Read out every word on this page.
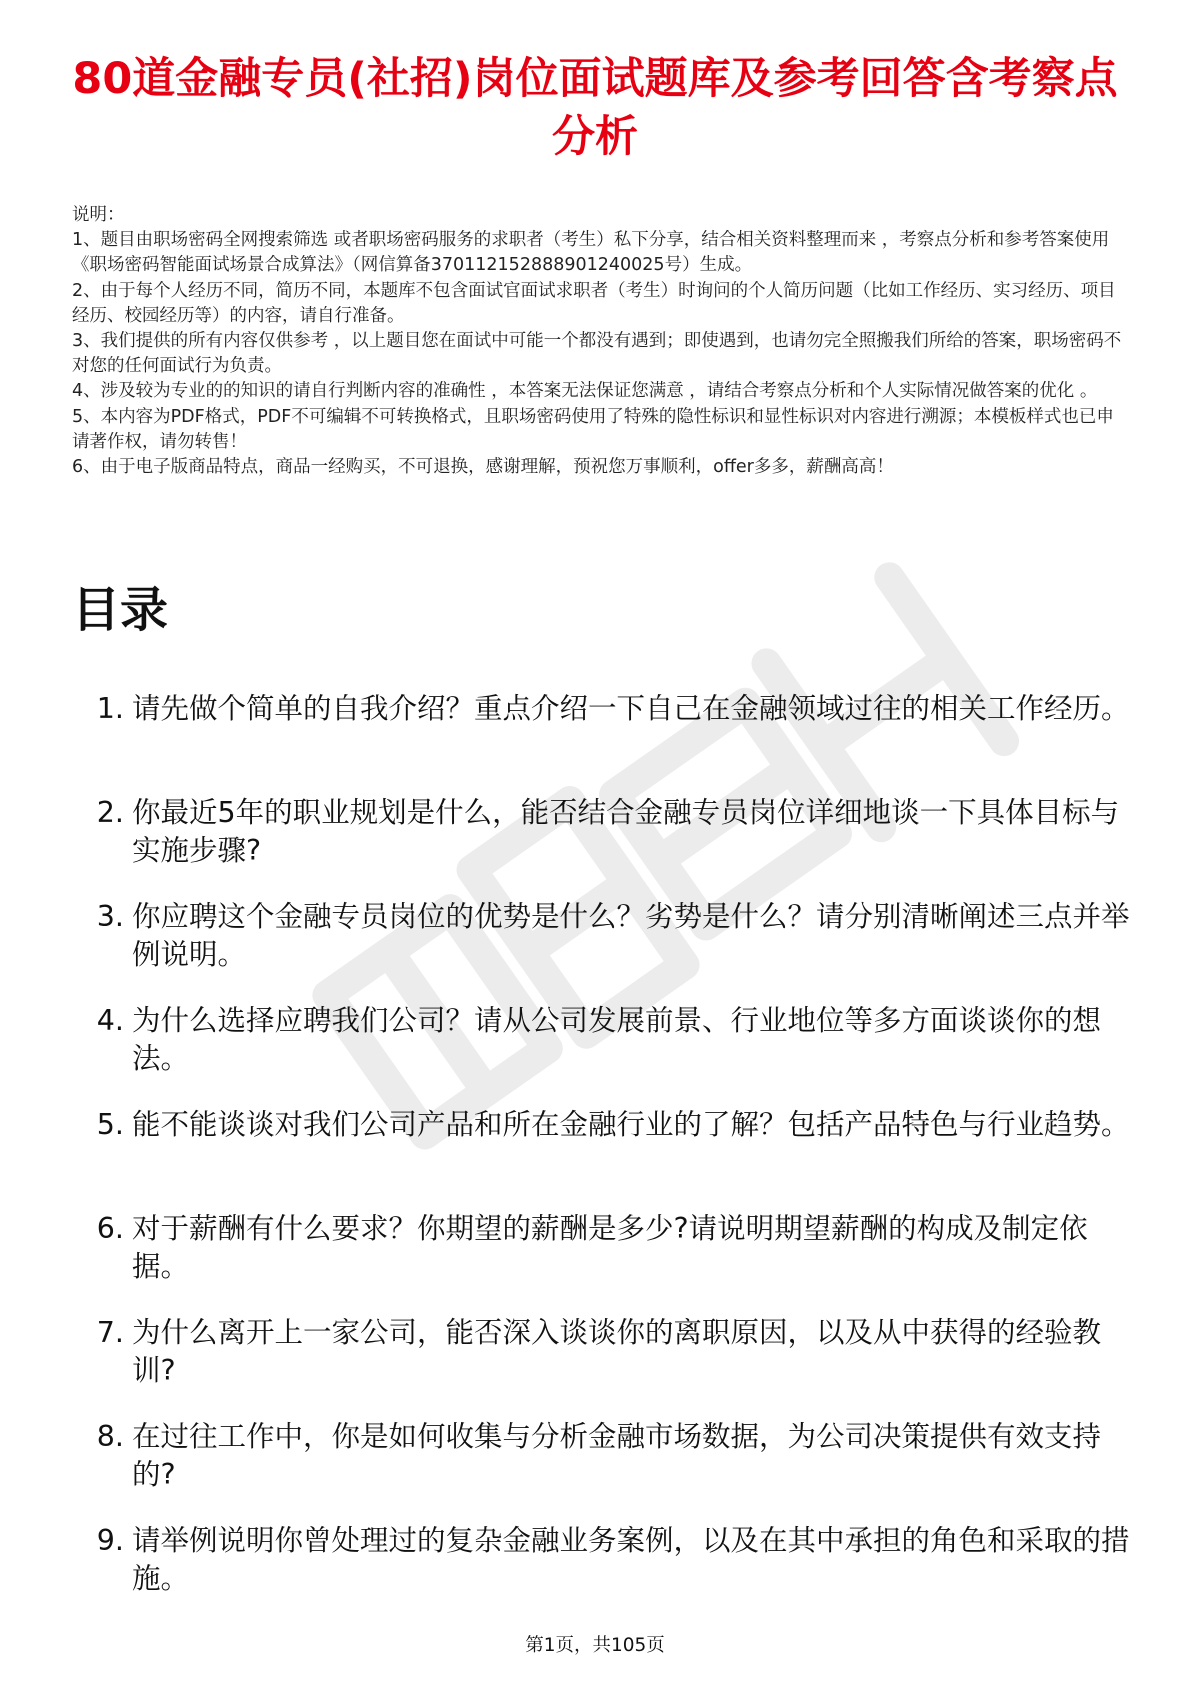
80道金融专员(社招)岗位面试题库及参考回答含考察点分析

说明：

1、题目由职场密码全网搜索筛选 或者职场密码服务的求职者（考生）私下分享，结合相关资料整理而来 ，考察点分析和参考答案使用《职场密码智能面试场景合成算法》（网信算备370112152888901240025号）生成。

2、由于每个人经历不同，简历不同，本题库不包含面试官面试求职者（考生）时询问的个人简历问题（比如工作经历、实习经历、项目经历、校园经历等）的内容，请自行准备。

3、我们提供的所有内容仅供参考 ，以上题目您在面试中可能一个都没有遇到；即使遇到，也请勿完全照搬我们所给的答案，职场密码不对您的任何面试行为负责。

4、涉及较为专业的的知识的请自行判断内容的准确性 ，本答案无法保证您满意 ，请结合考察点分析和个人实际情况做答案的优化 。

5、本内容为PDF格式，PDF不可编辑不可转换格式，且职场密码使用了特殊的隐性标识和显性标识对内容进行溯源；本模板样式也已申请著作权，请勿转售！

6、由于电子版商品特点，商品一经购买，不可退换，感谢理解，预祝您万事顺利，offer多多，薪酬高高！

目录
1. 请先做个简单的自我介绍？重点介绍一下自己在金融领域过往的相关工作经历。
2. 你最近5年的职业规划是什么，能否结合金融专员岗位详细地谈一下具体目标与实施步骤?
3. 你应聘这个金融专员岗位的优势是什么？劣势是什么？请分别清晰阐述三点并举例说明。
4. 为什么选择应聘我们公司？请从公司发展前景、行业地位等多方面谈谈你的想法。
5. 能不能谈谈对我们公司产品和所在金融行业的了解？包括产品特色与行业趋势。
6. 对于薪酬有什么要求？你期望的薪酬是多少?请说明期望薪酬的构成及制定依据。
7. 为什么离开上一家公司，能否深入谈谈你的离职原因，以及从中获得的经验教训?
8. 在过往工作中，你是如何收集与分析金融市场数据，为公司决策提供有效支持的?
9. 请举例说明你曾处理过的复杂金融业务案例，以及在其中承担的角色和采取的措施。
第1页，共105页
